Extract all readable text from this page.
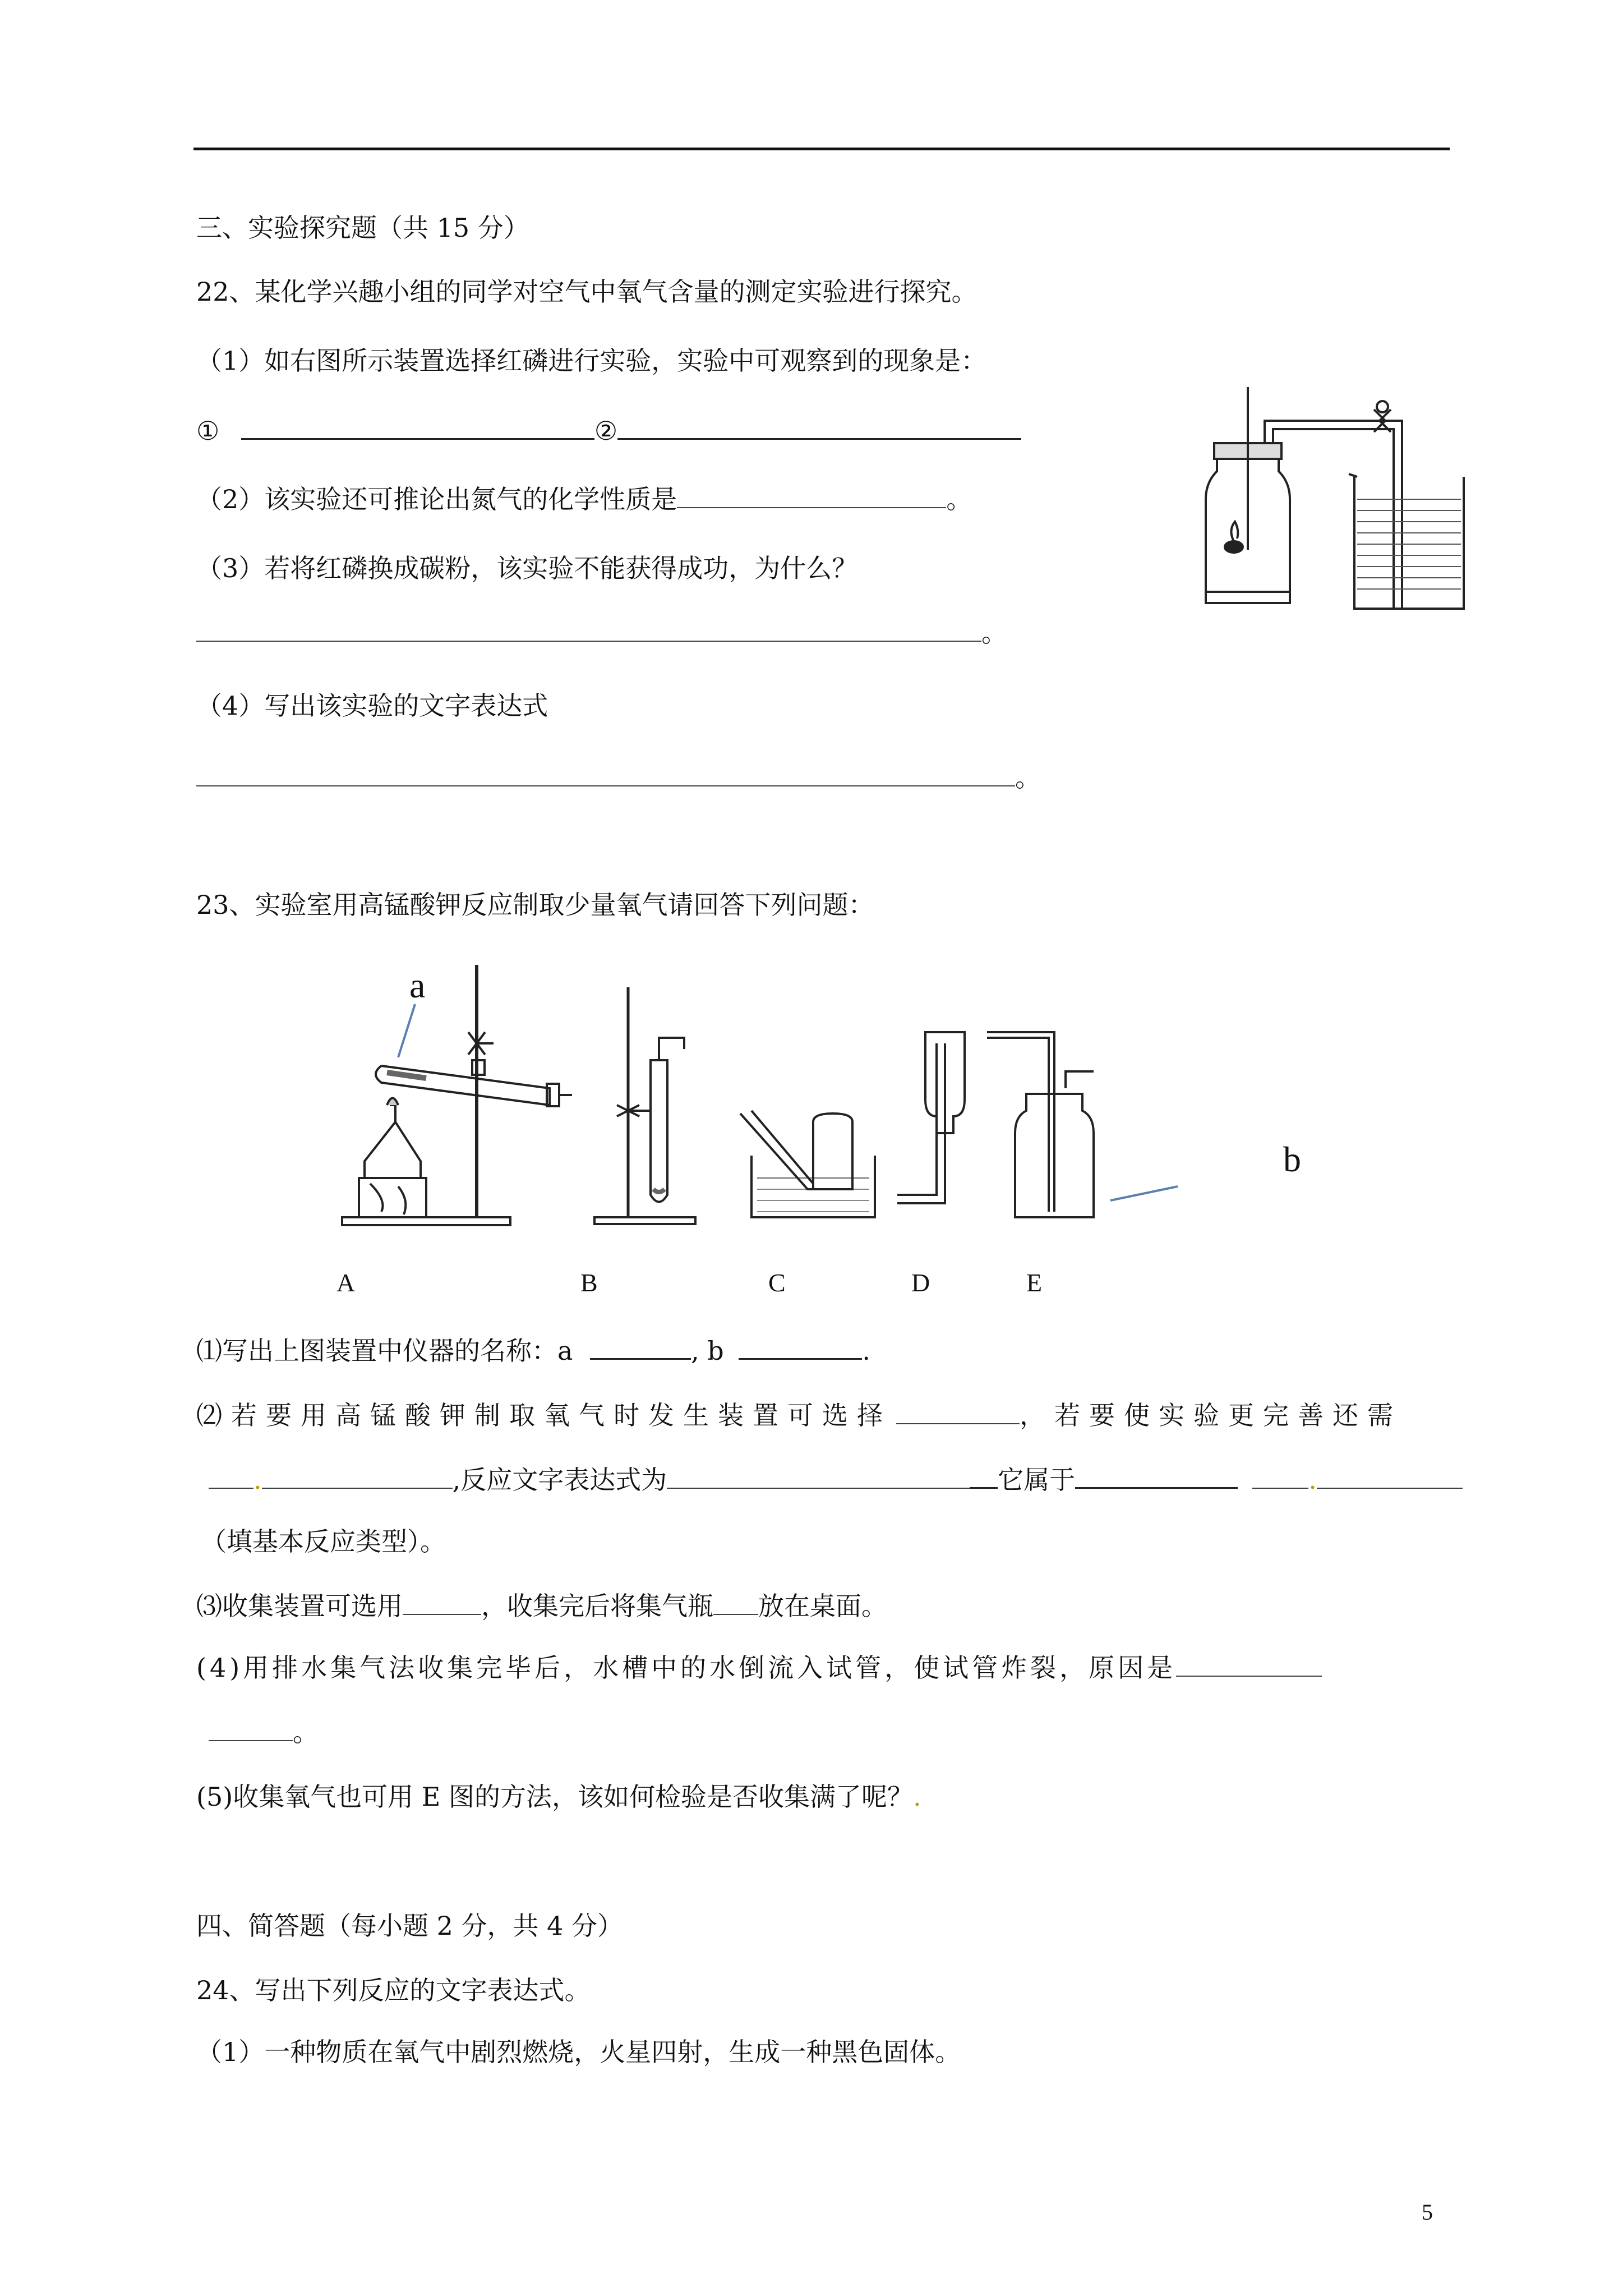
三、实验探究题（共 15 分）
22、某化学兴趣小组的同学对空气中氧气含量的测定实验进行探究。
（1）如右图所示装置选择红磷进行实验，实验中可观察到的现象是：
①	②
（2）该实验还可推论出氮气的化学性质是	。
（3）若将红磷换成碳粉，该实验不能获得成功，为什么？
。
（4）写出该实验的文字表达式
。
23、实验室用高锰酸钾反应制取少量氧气请回答下列问题：
a
b
A	B	C	D	E
⑴写出上图装置中仪器的名称：a	, b	.
⑵若要用高锰酸钾制取氧气时发生装置可选择	，若要使实验更完善还需
.	,反应文字表达式为	它属于	.
（填基本反应类型）。
⑶收集装置可选用	，收集完后将集气瓶 放在桌面。
(4)用排水集气法收集完毕后，水槽中的水倒流入试管，使试管炸裂，原因是
。
(5)收集氧气也可用 E 图的方法，该如何检验是否收集满了呢？.
四、简答题（每小题 2 分，共 4 分）
24、写出下列反应的文字表达式。
（1）一种物质在氧气中剧烈燃烧，火星四射，生成一种黑色固体。
5
